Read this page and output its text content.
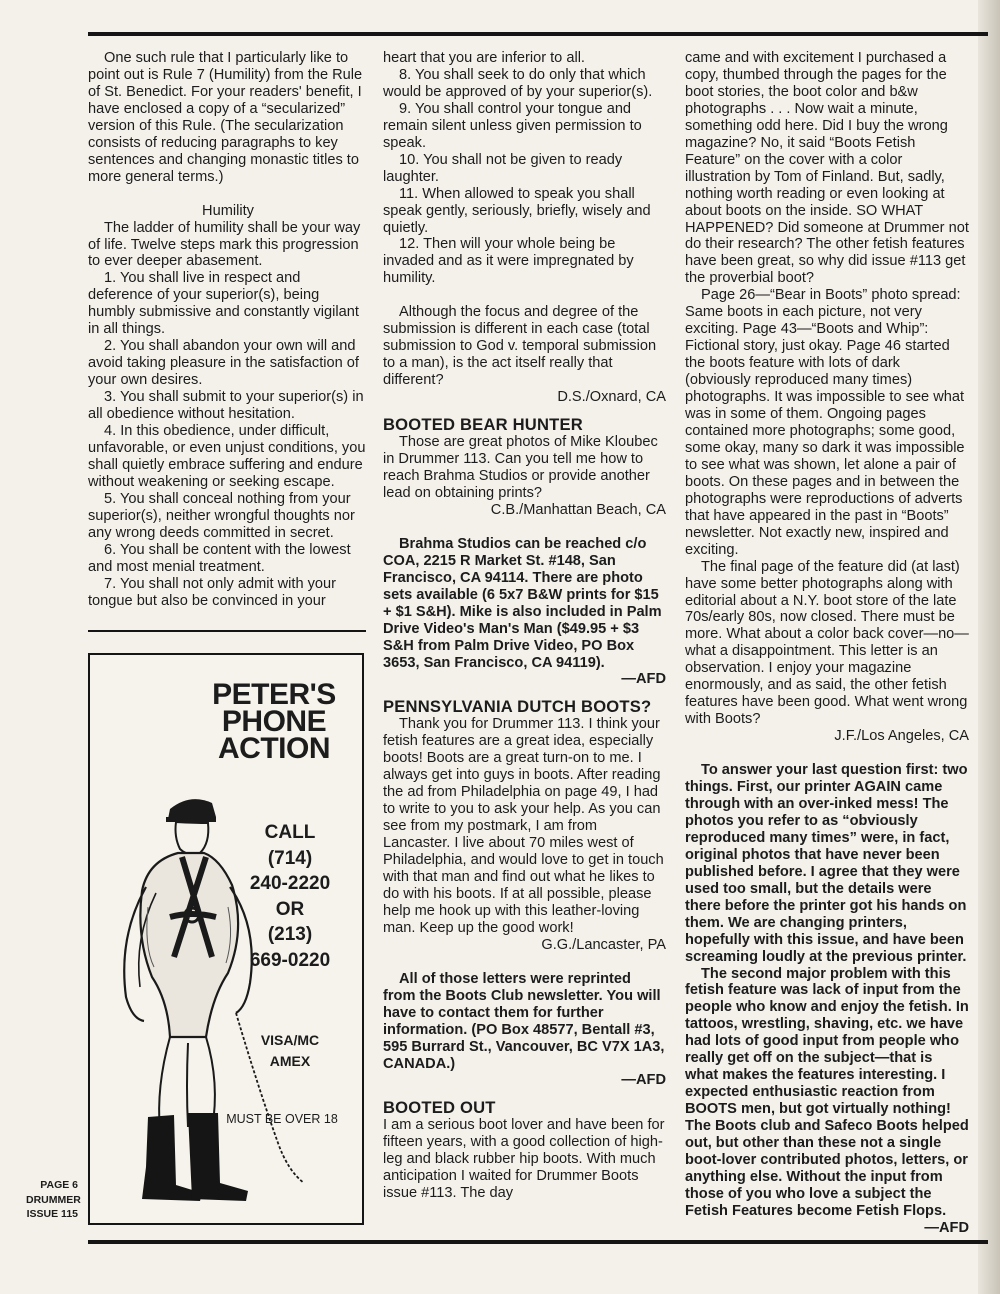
One such rule that I particularly like to point out is Rule 7 (Humility) from the Rule of St. Benedict. For your readers' benefit, I have enclosed a copy of a “secularized” version of this Rule. (The secularization consists of reducing paragraphs to key sentences and changing monastic titles to more general terms.)

Humility

The ladder of humility shall be your way of life. Twelve steps mark this progression to ever deeper abasement.

1. You shall live in respect and deference of your superior(s), being humbly submissive and constantly vigilant in all things.

2. You shall abandon your own will and avoid taking pleasure in the satisfaction of your own desires.

3. You shall submit to your superior(s) in all obedience without hesitation.

4. In this obedience, under difficult, unfavorable, or even unjust conditions, you shall quietly embrace suffering and endure without weakening or seeking escape.

5. You shall conceal nothing from your superior(s), neither wrongful thoughts nor any wrong deeds committed in secret.

6. You shall be content with the lowest and most menial treatment.

7. You shall not only admit with your tongue but also be convinced in your

PETER'S
PHONE
ACTION
CALL
(714)
240-2220
OR
(213)
669-0220
VISA/MC
AMEX
MUST BE OVER 18
PAGE 6
DRUMMER
ISSUE 115

heart that you are inferior to all.

8. You shall seek to do only that which would be approved of by your superior(s).

9. You shall control your tongue and remain silent unless given permission to speak.

10. You shall not be given to ready laughter.

11. When allowed to speak you shall speak gently, seriously, briefly, wisely and quietly.

12. Then will your whole being be invaded and as it were impregnated by humility.

Although the focus and degree of the submission is different in each case (total submission to God v. temporal submission to a man), is the act itself really that different?

D.S./Oxnard, CA

BOOTED BEAR HUNTER

Those are great photos of Mike Kloubec in Drummer 113. Can you tell me how to reach Brahma Studios or provide another lead on obtaining prints?

C.B./Manhattan Beach, CA

Brahma Studios can be reached c/o COA, 2215 R Market St. #148, San Francisco, CA 94114. There are photo sets available (6 5x7 B&W prints for $15 + $1 S&H). Mike is also included in Palm Drive Video's Man's Man ($49.95 + $3 S&H from Palm Drive Video, PO Box 3653, San Francisco, CA 94119).

—AFD

PENNSYLVANIA DUTCH BOOTS?

Thank you for Drummer 113. I think your fetish features are a great idea, especially boots! Boots are a great turn-on to me. I always get into guys in boots. After reading the ad from Philadelphia on page 49, I had to write to you to ask your help. As you can see from my postmark, I am from Lancaster. I live about 70 miles west of Philadelphia, and would love to get in touch with that man and find out what he likes to do with his boots. If at all possible, please help me hook up with this leather-loving man. Keep up the good work!

G.G./Lancaster, PA

All of those letters were reprinted from the Boots Club newsletter. You will have to contact them for further information. (PO Box 48577, Bentall #3, 595 Burrard St., Vancouver, BC V7X 1A3, CANADA.)

—AFD

BOOTED OUT

I am a serious boot lover and have been for fifteen years, with a good collection of high-leg and black rubber hip boots. With much anticipation I waited for Drummer Boots issue #113. The day

came and with excitement I purchased a copy, thumbed through the pages for the boot stories, the boot color and b&w photographs . . . Now wait a minute, something odd here. Did I buy the wrong magazine? No, it said “Boots Fetish Feature” on the cover with a color illustration by Tom of Finland. But, sadly, nothing worth reading or even looking at about boots on the inside. SO WHAT HAPPENED? Did someone at Drummer not do their research? The other fetish features have been great, so why did issue #113 get the proverbial boot?

Page 26—“Bear in Boots” photo spread: Same boots in each picture, not very exciting. Page 43—“Boots and Whip”: Fictional story, just okay. Page 46 started the boots feature with lots of dark (obviously reproduced many times) photographs. It was impossible to see what was in some of them. Ongoing pages contained more photographs; some good, some okay, many so dark it was impossible to see what was shown, let alone a pair of boots. On these pages and in between the photographs were reproductions of adverts that have appeared in the past in “Boots” newsletter. Not exactly new, inspired and exciting.

The final page of the feature did (at last) have some better photographs along with editorial about a N.Y. boot store of the late 70s/early 80s, now closed. There must be more. What about a color back cover—no—what a disappointment. This letter is an observation. I enjoy your magazine enormously, and as said, the other fetish features have been good. What went wrong with Boots?

J.F./Los Angeles, CA

To answer your last question first: two things. First, our printer AGAIN came through with an over-inked mess! The photos you refer to as “obviously reproduced many times” were, in fact, original photos that have never been published before. I agree that they were used too small, but the details were there before the printer got his hands on them. We are changing printers, hopefully with this issue, and have been screaming loudly at the previous printer.

The second major problem with this fetish feature was lack of input from the people who know and enjoy the fetish. In tattoos, wrestling, shaving, etc. we have had lots of good input from people who really get off on the subject—that is what makes the features interesting. I expected enthusiastic reaction from BOOTS men, but got virtually nothing! The Boots club and Safeco Boots helped out, but other than these not a single boot-lover contributed photos, letters, or anything else. Without the input from those of you who love a subject the Fetish Features become Fetish Flops.

—AFD
